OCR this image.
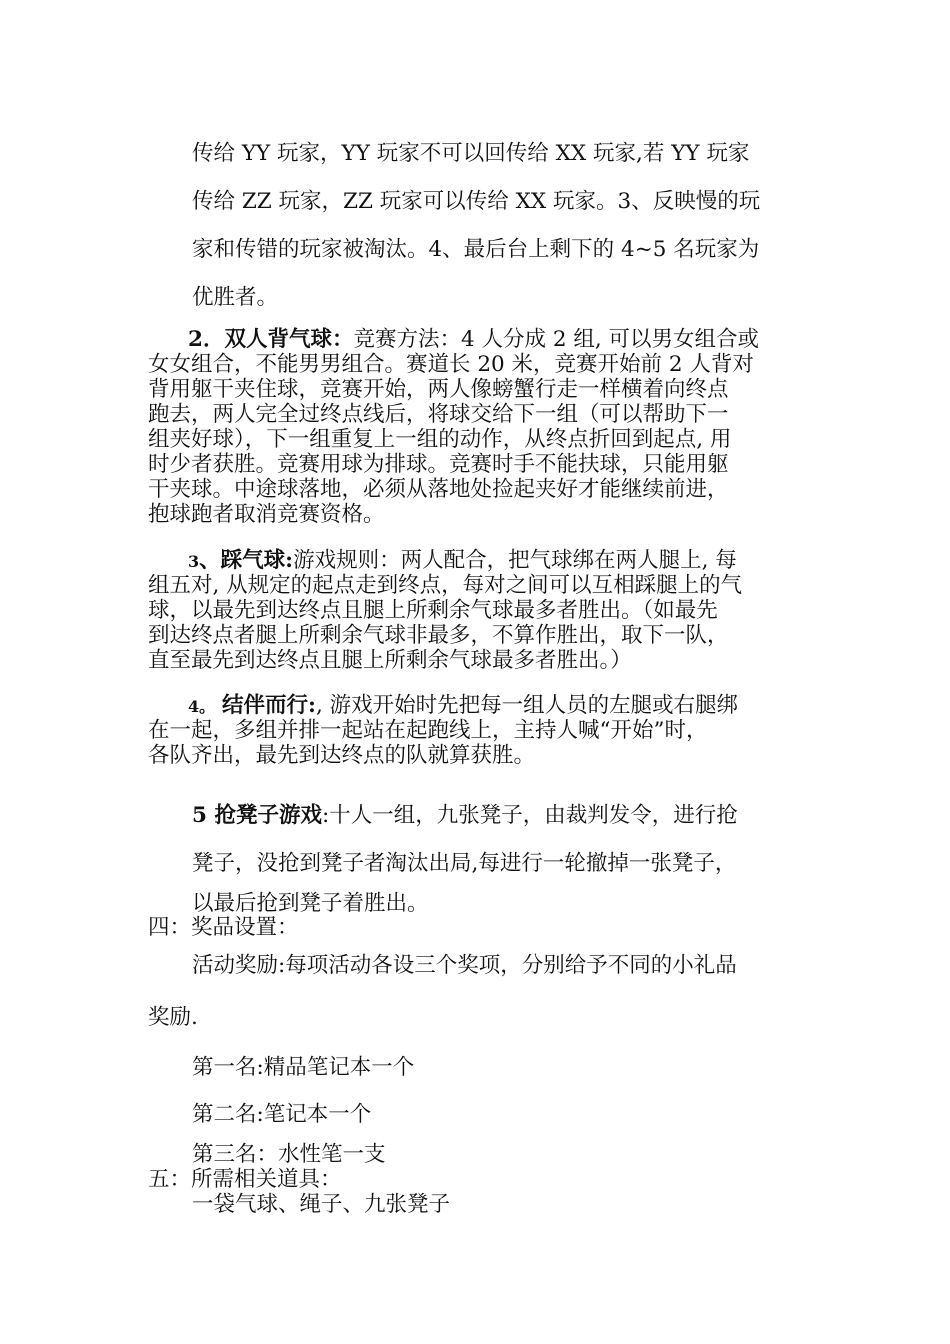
传给 YY 玩家，YY 玩家不可以回传给 XX 玩家,若 YY 玩家
传给 ZZ 玩家，ZZ 玩家可以传给 XX 玩家。3、反映慢的玩
家和传错的玩家被淘汰。4、最后台上剩下的 4~5 名玩家为
优胜者。
2．双人背气球：竞赛方法：4 人分成 2 组, 可以男女组合或
女女组合，不能男男组合。赛道长 20 米，竞赛开始前 2 人背对
背用躯干夹住球，竞赛开始，两人像螃蟹行走一样横着向终点
跑去，两人完全过终点线后，将球交给下一组（可以帮助下一
组夹好球），下一组重复上一组的动作，从终点折回到起点, 用
时少者获胜。竞赛用球为排球。竞赛时手不能扶球，只能用躯
干夹球。中途球落地，必须从落地处捡起夹好才能继续前进，
抱球跑者取消竞赛资格。
3、踩气球:游戏规则：两人配合，把气球绑在两人腿上, 每
组五对, 从规定的起点走到终点，每对之间可以互相踩腿上的气
球，以最先到达终点且腿上所剩余气球最多者胜出。（如最先
到达终点者腿上所剩余气球非最多，不算作胜出，取下一队，
直至最先到达终点且腿上所剩余气球最多者胜出。）
4。 结伴而行:, 游戏开始时先把每一组人员的左腿或右腿绑
在一起，多组并排一起站在起跑线上，主持人喊“开始”时，
各队齐出，最先到达终点的队就算获胜。
5 抢凳子游戏:十人一组，九张凳子，由裁判发令，进行抢
凳子，没抢到凳子者淘汰出局,每进行一轮撤掉一张凳子，
以最后抢到凳子着胜出。
四：奖品设置：
活动奖励:每项活动各设三个奖项，分别给予不同的小礼品
奖励.
第一名:精品笔记本一个
第二名:笔记本一个
第三名：水性笔一支
五：所需相关道具：
一袋气球、绳子、九张凳子
